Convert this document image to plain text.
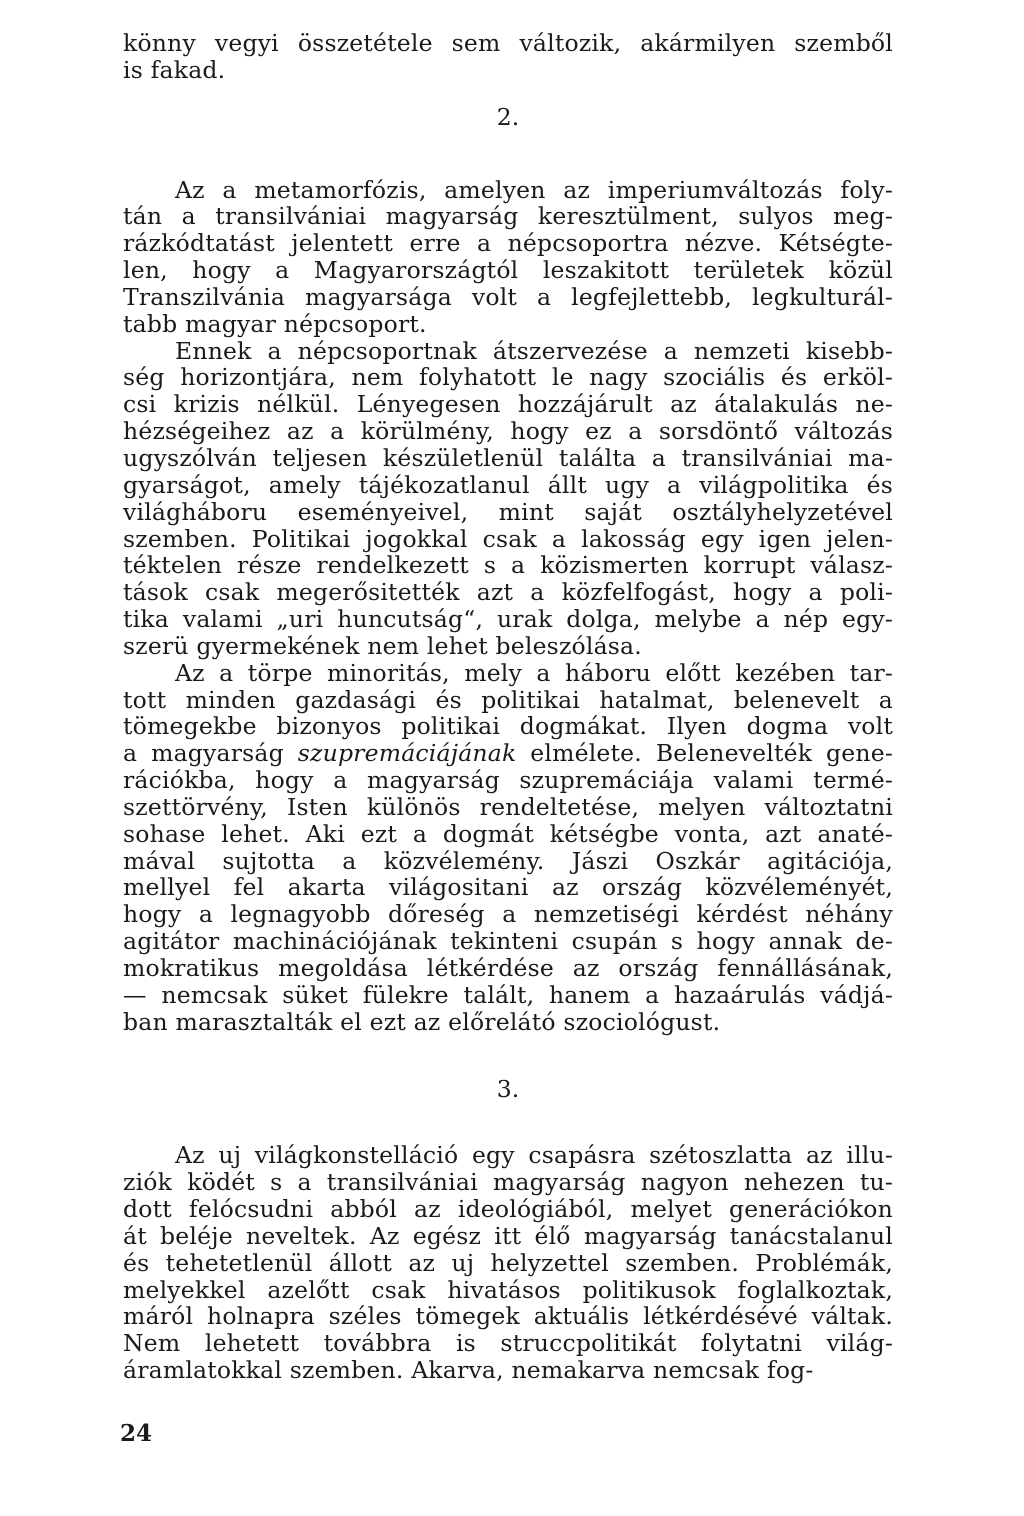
könny vegyi összetétele sem változik, akármilyen szemből
is fakad.
2.
Az a metamorfózis, amelyen az imperiumváltozás foly-
tán a transilvániai magyarság keresztülment, sulyos meg-
rázkódtatást jelentett erre a népcsoportra nézve. Kétségte-
len, hogy a Magyarországtól leszakitott területek közül
Transzilvánia magyarsága volt a legfejlettebb, legkulturál-
tabb magyar népcsoport.
Ennek a népcsoportnak átszervezése a nemzeti kisebb-
ség horizontjára, nem folyhatott le nagy szociális és erköl-
csi krizis nélkül. Lényegesen hozzájárult az átalakulás ne-
hézségeihez az a körülmény, hogy ez a sorsdöntő változás
ugyszólván teljesen készületlenül találta a transilvániai ma-
gyarságot, amely tájékozatlanul állt ugy a világpolitika és
világháboru eseményeivel, mint saját osztályhelyzetével
szemben. Politikai jogokkal csak a lakosság egy igen jelen-
téktelen része rendelkezett s a közismerten korrupt válasz-
tások csak megerősitették azt a közfelfogást, hogy a poli-
tika valami „uri huncutság“, urak dolga, melybe a nép egy-
szerü gyermekének nem lehet beleszólása.
Az a törpe minoritás, mely a háboru előtt kezében tar-
tott minden gazdasági és politikai hatalmat, belenevelt a
tömegekbe bizonyos politikai dogmákat. Ilyen dogma volt
a magyarság szupremáciájának elmélete. Belenevelték gene-
rációkba, hogy a magyarság szupremáciája valami termé-
szettörvény, Isten különös rendeltetése, melyen változtatni
sohase lehet. Aki ezt a dogmát kétségbe vonta, azt anaté-
mával sujtotta a közvélemény. Jászi Oszkár agitációja,
mellyel fel akarta világositani az ország közvéleményét,
hogy a legnagyobb dőreség a nemzetiségi kérdést néhány
agitátor machinációjának tekinteni csupán s hogy annak de-
mokratikus megoldása létkérdése az ország fennállásának,
— nemcsak süket fülekre talált, hanem a hazaárulás vádjá-
ban marasztalták el ezt az előrelátó szociológust.
3.
Az uj világkonstelláció egy csapásra szétoszlatta az illu-
ziók ködét s a transilvániai magyarság nagyon nehezen tu-
dott felócsudni abból az ideológiából, melyet generációkon
át beléje neveltek. Az egész itt élő magyarság tanácstalanul
és tehetetlenül állott az uj helyzettel szemben. Problémák,
melyekkel azelőtt csak hivatásos politikusok foglalkoztak,
máról holnapra széles tömegek aktuális létkérdésévé váltak.
Nem lehetett továbbra is struccpolitikát folytatni világ-
áramlatokkal szemben. Akarva, nemakarva nemcsak fog-
24
